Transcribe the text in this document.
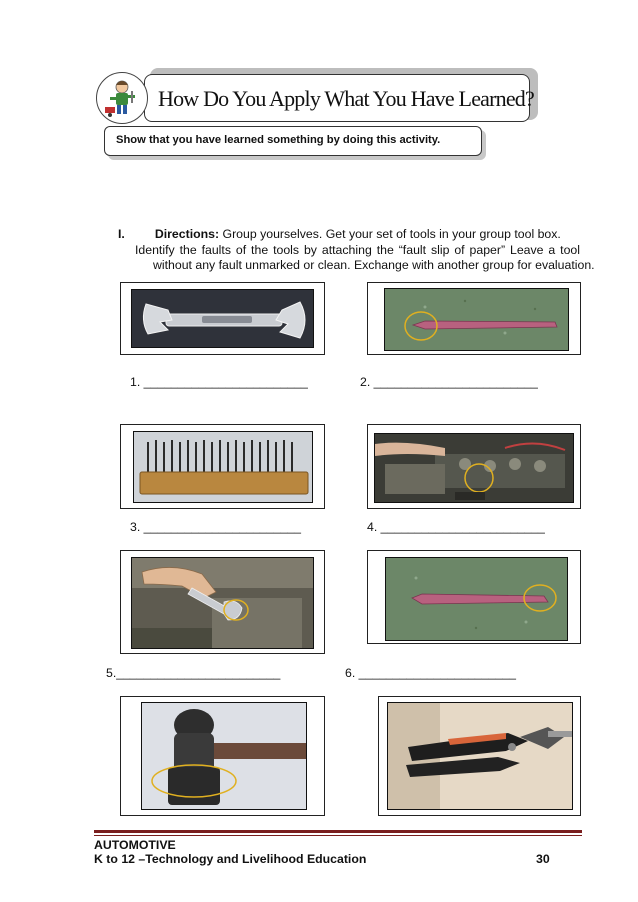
How Do You Apply What You Have Learned?
Show that you have learned something by doing this activity.
I. Directions: Group yourselves. Get your set of tools in your group tool box.
Identify the faults of the tools by attaching the “fault slip of paper” Leave a tool
without any fault unmarked or clean. Exchange with another group for evaluation.
1. ________________________	2. ________________________
3. _______________________	4. ________________________
5.________________________	6. _______________________
AUTOMOTIVE
K to 12 –Technology and Livelihood Education	30
